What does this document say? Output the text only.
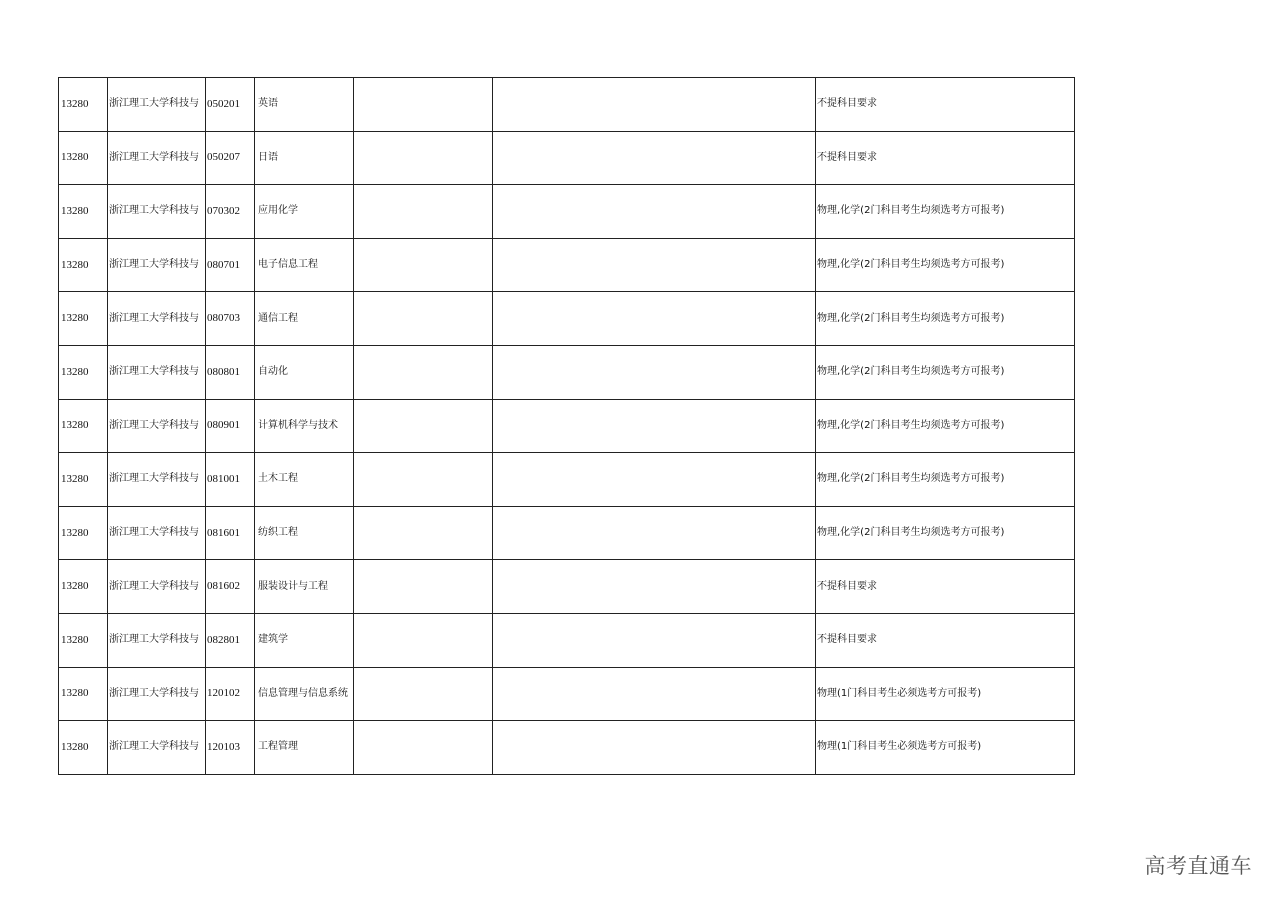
13280	浙江理工大学科技与	050201	英语			不提科目要求
13280	浙江理工大学科技与	050207	日语			不提科目要求
13280	浙江理工大学科技与	070302	应用化学			物理,化学(2门科目考生均须选考方可报考)
13280	浙江理工大学科技与	080701	电子信息工程			物理,化学(2门科目考生均须选考方可报考)
13280	浙江理工大学科技与	080703	通信工程			物理,化学(2门科目考生均须选考方可报考)
13280	浙江理工大学科技与	080801	自动化			物理,化学(2门科目考生均须选考方可报考)
13280	浙江理工大学科技与	080901	计算机科学与技术			物理,化学(2门科目考生均须选考方可报考)
13280	浙江理工大学科技与	081001	土木工程			物理,化学(2门科目考生均须选考方可报考)
13280	浙江理工大学科技与	081601	纺织工程			物理,化学(2门科目考生均须选考方可报考)
13280	浙江理工大学科技与	081602	服装设计与工程			不提科目要求
13280	浙江理工大学科技与	082801	建筑学			不提科目要求
13280	浙江理工大学科技与	120102	信息管理与信息系统			物理(1门科目考生必须选考方可报考)
13280	浙江理工大学科技与	120103	工程管理			物理(1门科目考生必须选考方可报考)
高考直通车
